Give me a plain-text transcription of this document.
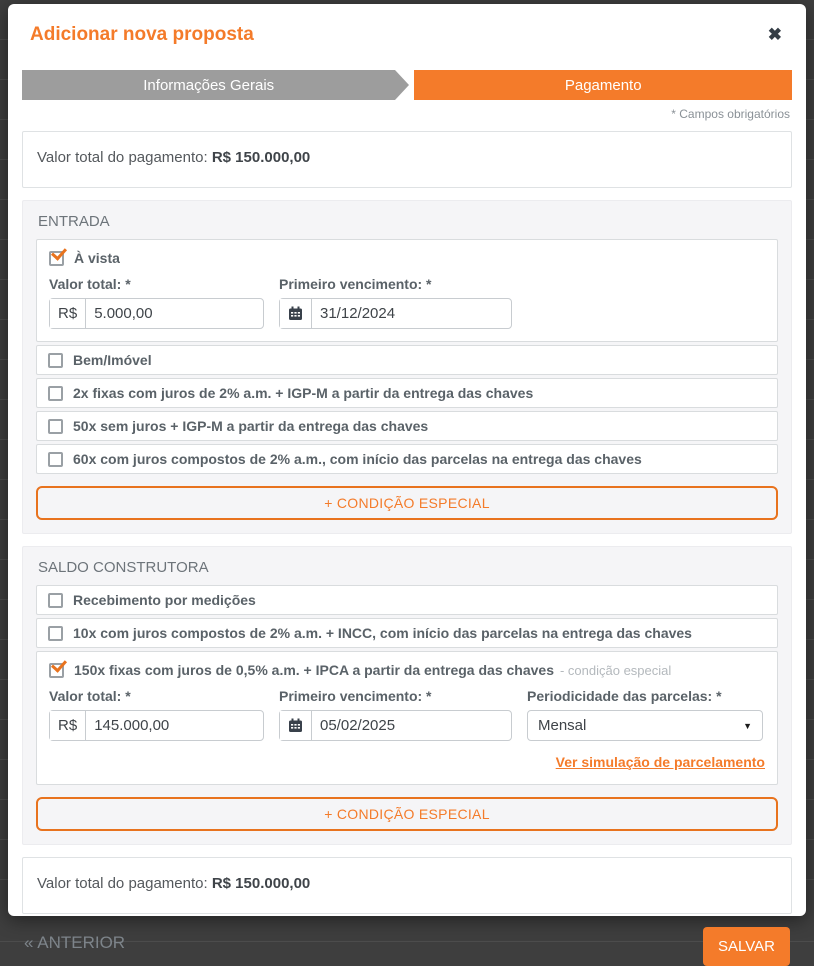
Adicionar nova proposta	✖
Informações Gerais	Pagamento
* Campos obrigatórios
Valor total do pagamento: R$ 150.000,00
ENTRADA
À vista
Valor total: *
R$
5.000,00
Primeiro vencimento: *
31/12/2024
Bem/Imóvel
2x fixas com juros de 2% a.m. + IGP-M a partir da entrega das chaves
50x sem juros + IGP-M a partir da entrega das chaves
60x com juros compostos de 2% a.m., com início das parcelas na entrega das chaves
+ CONDIÇÃO ESPECIAL
SALDO CONSTRUTORA
Recebimento por medições
10x com juros compostos de 2% a.m. + INCC, com início das parcelas na entrega das chaves
150x fixas com juros de 0,5% a.m. + IPCA a partir da entrega das chaves - condição especial
Valor total: *
R$
145.000,00
Primeiro vencimento: *
05/02/2025	Periodicidade das parcelas: *
Mensal	▼
Ver simulação de parcelamento
+ CONDIÇÃO ESPECIAL
Valor total do pagamento: R$ 150.000,00
« ANTERIOR	SALVAR
